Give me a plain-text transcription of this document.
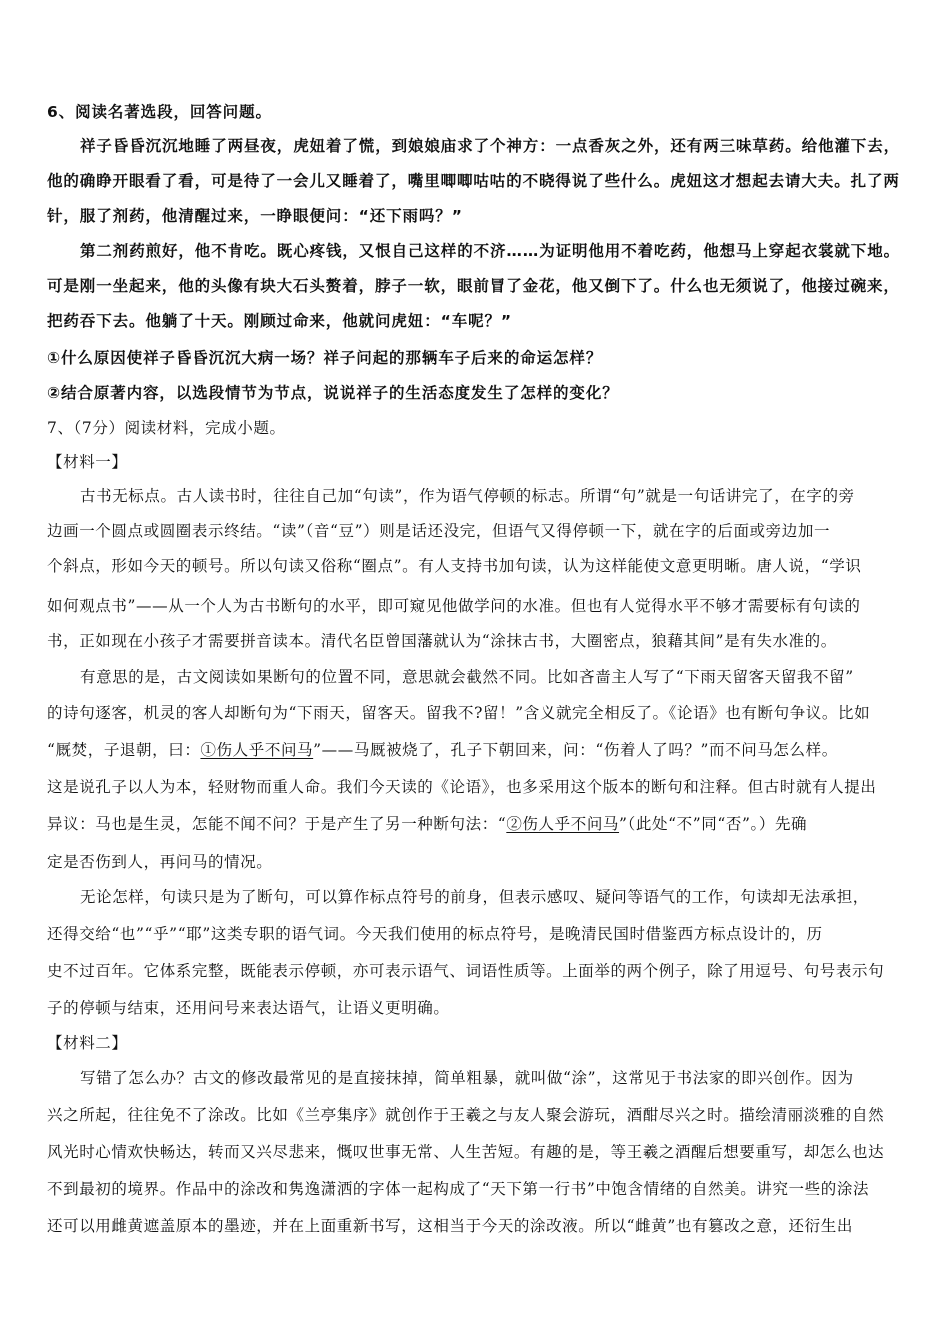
6、阅读名著选段，回答问题。
祥子昏昏沉沉地睡了两昼夜，虎妞着了慌，到娘娘庙求了个神方：一点香灰之外，还有两三味草药。给他灌下去，
他的确睁开眼看了看，可是待了一会儿又睡着了，嘴里唧唧咕咕的不晓得说了些什么。虎妞这才想起去请大夫。扎了两
针，服了剂药，他清醒过来，一睁眼便问：“还下雨吗？”
第二剂药煎好，他不肯吃。既心疼钱，又恨自己这样的不济……为证明他用不着吃药，他想马上穿起衣裳就下地。
可是刚一坐起来，他的头像有块大石头赘着，脖子一软，眼前冒了金花，他又倒下了。什么也无须说了，他接过碗来，
把药吞下去。他躺了十天。刚顾过命来，他就问虎妞：“车呢？”
①什么原因使祥子昏昏沉沉大病一场？祥子问起的那辆车子后来的命运怎样？
②结合原著内容，以选段情节为节点，说说祥子的生活态度发生了怎样的变化？
7、（7分）阅读材料，完成小题。
【材料一】
古书无标点。古人读书时，往往自己加“句读”，作为语气停顿的标志。所谓“句”就是一句话讲完了，在字的旁
边画一个圆点或圆圈表示终结。“读”（音“豆”）则是话还没完，但语气又得停顿一下，就在字的后面或旁边加一
个斜点，形如今天的顿号。所以句读又俗称“圈点”。有人支持书加句读，认为这样能使文意更明晰。唐人说，“学识
如何观点书”——从一个人为古书断句的水平，即可窥见他做学问的水准。但也有人觉得水平不够才需要标有句读的
书，正如现在小孩子才需要拼音读本。清代名臣曾国藩就认为“涂抹古书，大圈密点，狼藉其间”是有失水准的。
有意思的是，古文阅读如果断句的位置不同，意思就会截然不同。比如吝啬主人写了“下雨天留客天留我不留”
的诗句逐客，机灵的客人却断句为“下雨天，留客天。留我不?留！”含义就完全相反了。《论语》也有断句争议。比如
“厩焚，子退朝，曰：①伤人乎不问马”——马厩被烧了，孔子下朝回来，问：“伤着人了吗？”而不问马怎么样。
这是说孔子以人为本，轻财物而重人命。我们今天读的《论语》，也多采用这个版本的断句和注释。但古时就有人提出
异议：马也是生灵，怎能不闻不问？于是产生了另一种断句法：“②伤人乎不问马”（此处“不”同“否”。）先确
定是否伤到人，再问马的情况。
无论怎样，句读只是为了断句，可以算作标点符号的前身，但表示感叹、疑问等语气的工作，句读却无法承担，
还得交给“也”“乎”“耶”这类专职的语气词。今天我们使用的标点符号，是晚清民国时借鉴西方标点设计的，历
史不过百年。它体系完整，既能表示停顿，亦可表示语气、词语性质等。上面举的两个例子，除了用逗号、句号表示句
子的停顿与结束，还用问号来表达语气，让语义更明确。
【材料二】
写错了怎么办？古文的修改最常见的是直接抹掉，简单粗暴，就叫做“涂”，这常见于书法家的即兴创作。因为
兴之所起，往往免不了涂改。比如《兰亭集序》就创作于王羲之与友人聚会游玩，酒酣尽兴之时。描绘清丽淡雅的自然
风光时心情欢快畅达，转而又兴尽悲来，慨叹世事无常、人生苦短。有趣的是，等王羲之酒醒后想要重写，却怎么也达
不到最初的境界。作品中的涂改和隽逸潇洒的字体一起构成了“天下第一行书”中饱含情绪的自然美。讲究一些的涂法
还可以用雌黄遮盖原本的墨迹，并在上面重新书写，这相当于今天的涂改液。所以“雌黄”也有篡改之意，还衍生出
